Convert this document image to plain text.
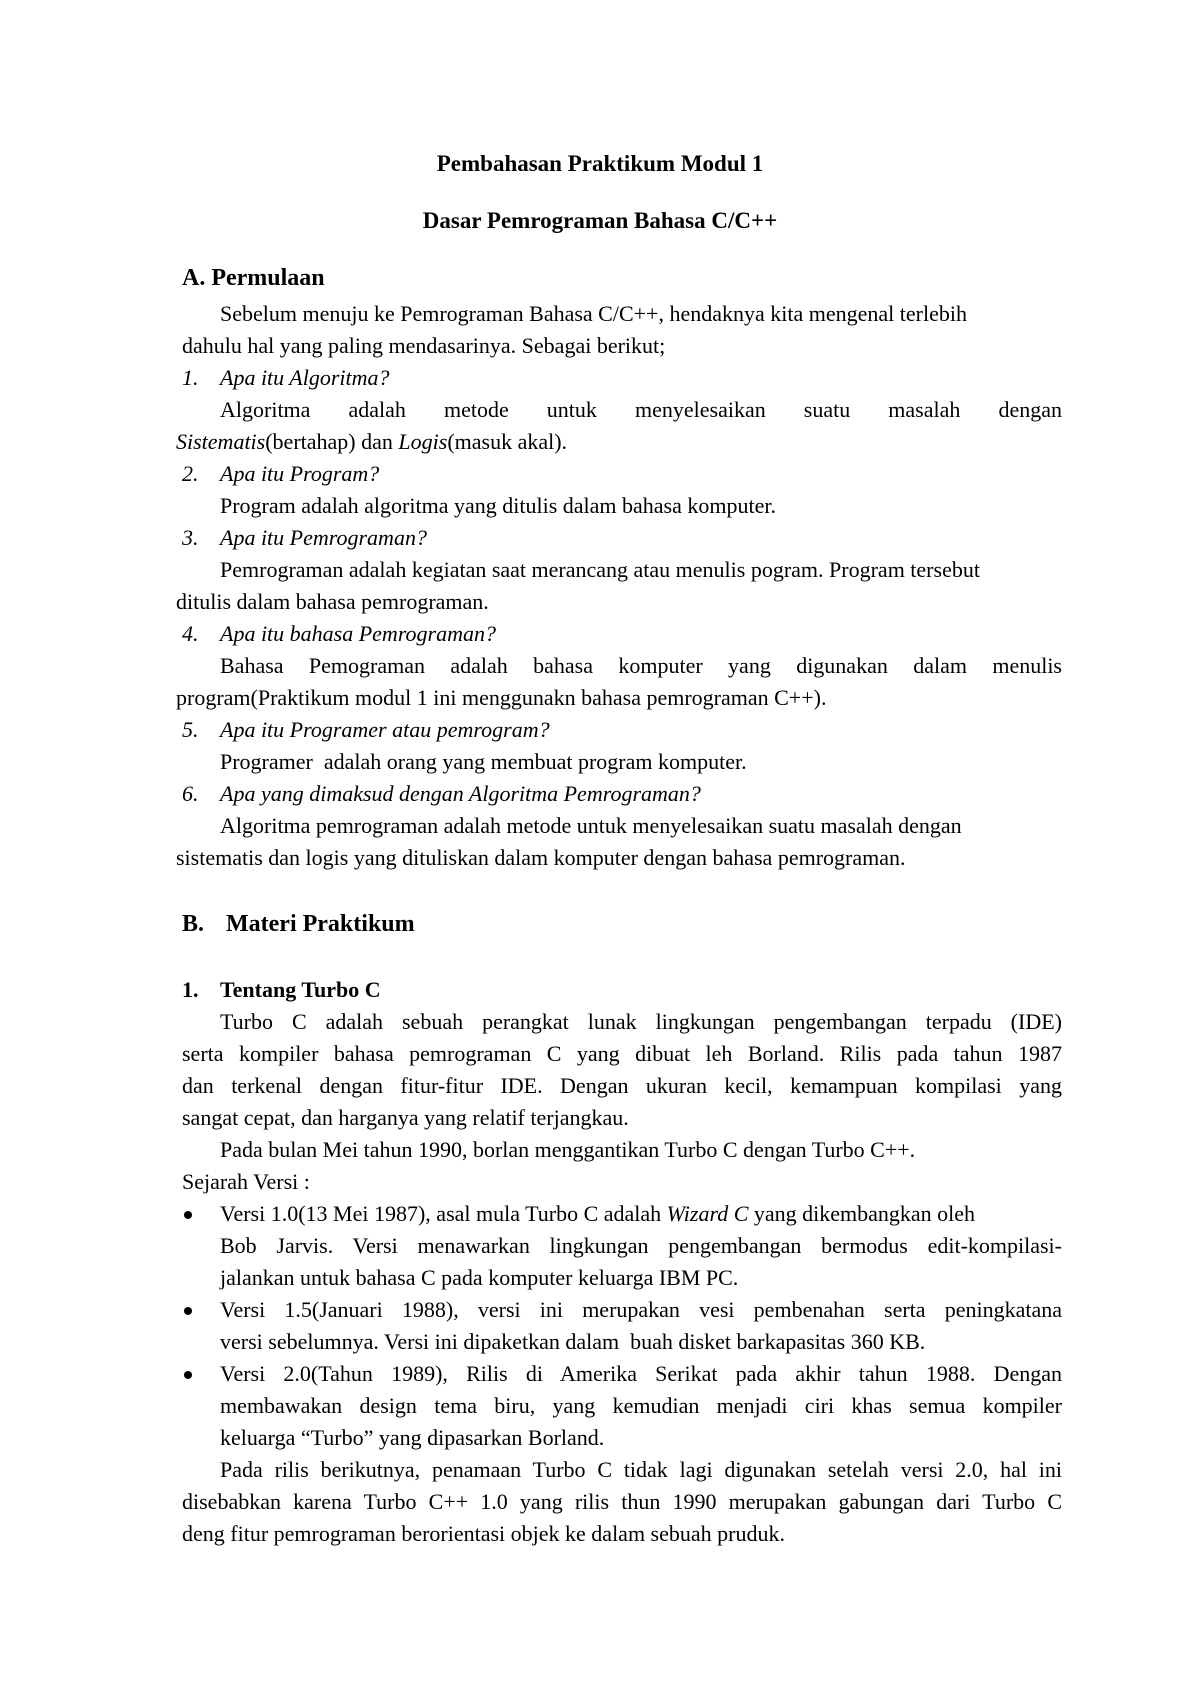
Pembahasan Praktikum Modul 1
Dasar Pemrograman Bahasa C/C++
A. Permulaan
Sebelum menuju ke Pemrograman Bahasa C/C++, hendaknya kita mengenal terlebih
dahulu hal yang paling mendasarinya. Sebagai berikut;
1. Apa itu Algoritma?
Algoritma adalah metode untuk menyelesaikan suatu masalah dengan
Sistematis(bertahap) dan Logis(masuk akal).
2. Apa itu Program?
Program adalah algoritma yang ditulis dalam bahasa komputer.
3. Apa itu Pemrograman?
Pemrograman adalah kegiatan saat merancang atau menulis pogram. Program tersebut
ditulis dalam bahasa pemrograman.
4. Apa itu bahasa Pemrograman?
Bahasa Pemograman adalah bahasa komputer yang digunakan dalam menulis
program(Praktikum modul 1 ini menggunakn bahasa pemrograman C++).
5. Apa itu Programer atau pemrogram?
Programer  adalah orang yang membuat program komputer.
6. Apa yang dimaksud dengan Algoritma Pemrograman?
Algoritma pemrograman adalah metode untuk menyelesaikan suatu masalah dengan
sistematis dan logis yang dituliskan dalam komputer dengan bahasa pemrograman.
B. Materi Praktikum
1. Tentang Turbo C
Turbo C adalah sebuah perangkat lunak lingkungan pengembangan terpadu (IDE)
serta kompiler bahasa pemrograman C yang dibuat leh Borland. Rilis pada tahun 1987
dan terkenal dengan fitur-fitur IDE. Dengan ukuran kecil, kemampuan kompilasi yang
sangat cepat, dan harganya yang relatif terjangkau.
Pada bulan Mei tahun 1990, borlan menggantikan Turbo C dengan Turbo C++.
Sejarah Versi :
Versi 1.0(13 Mei 1987), asal mula Turbo C adalah Wizard C yang dikembangkan oleh
Bob Jarvis. Versi menawarkan lingkungan pengembangan bermodus edit-kompilasi-
jalankan untuk bahasa C pada komputer keluarga IBM PC.
Versi 1.5(Januari 1988), versi ini merupakan vesi pembenahan serta peningkatana
versi sebelumnya. Versi ini dipaketkan dalam  buah disket barkapasitas 360 KB.
Versi 2.0(Tahun 1989), Rilis di Amerika Serikat pada akhir tahun 1988. Dengan
membawakan design tema biru, yang kemudian menjadi ciri khas semua kompiler
keluarga “Turbo” yang dipasarkan Borland.
Pada rilis berikutnya, penamaan Turbo C tidak lagi digunakan setelah versi 2.0, hal ini
disebabkan karena Turbo C++ 1.0 yang rilis thun 1990 merupakan gabungan dari Turbo C
deng fitur pemrograman berorientasi objek ke dalam sebuah pruduk.
